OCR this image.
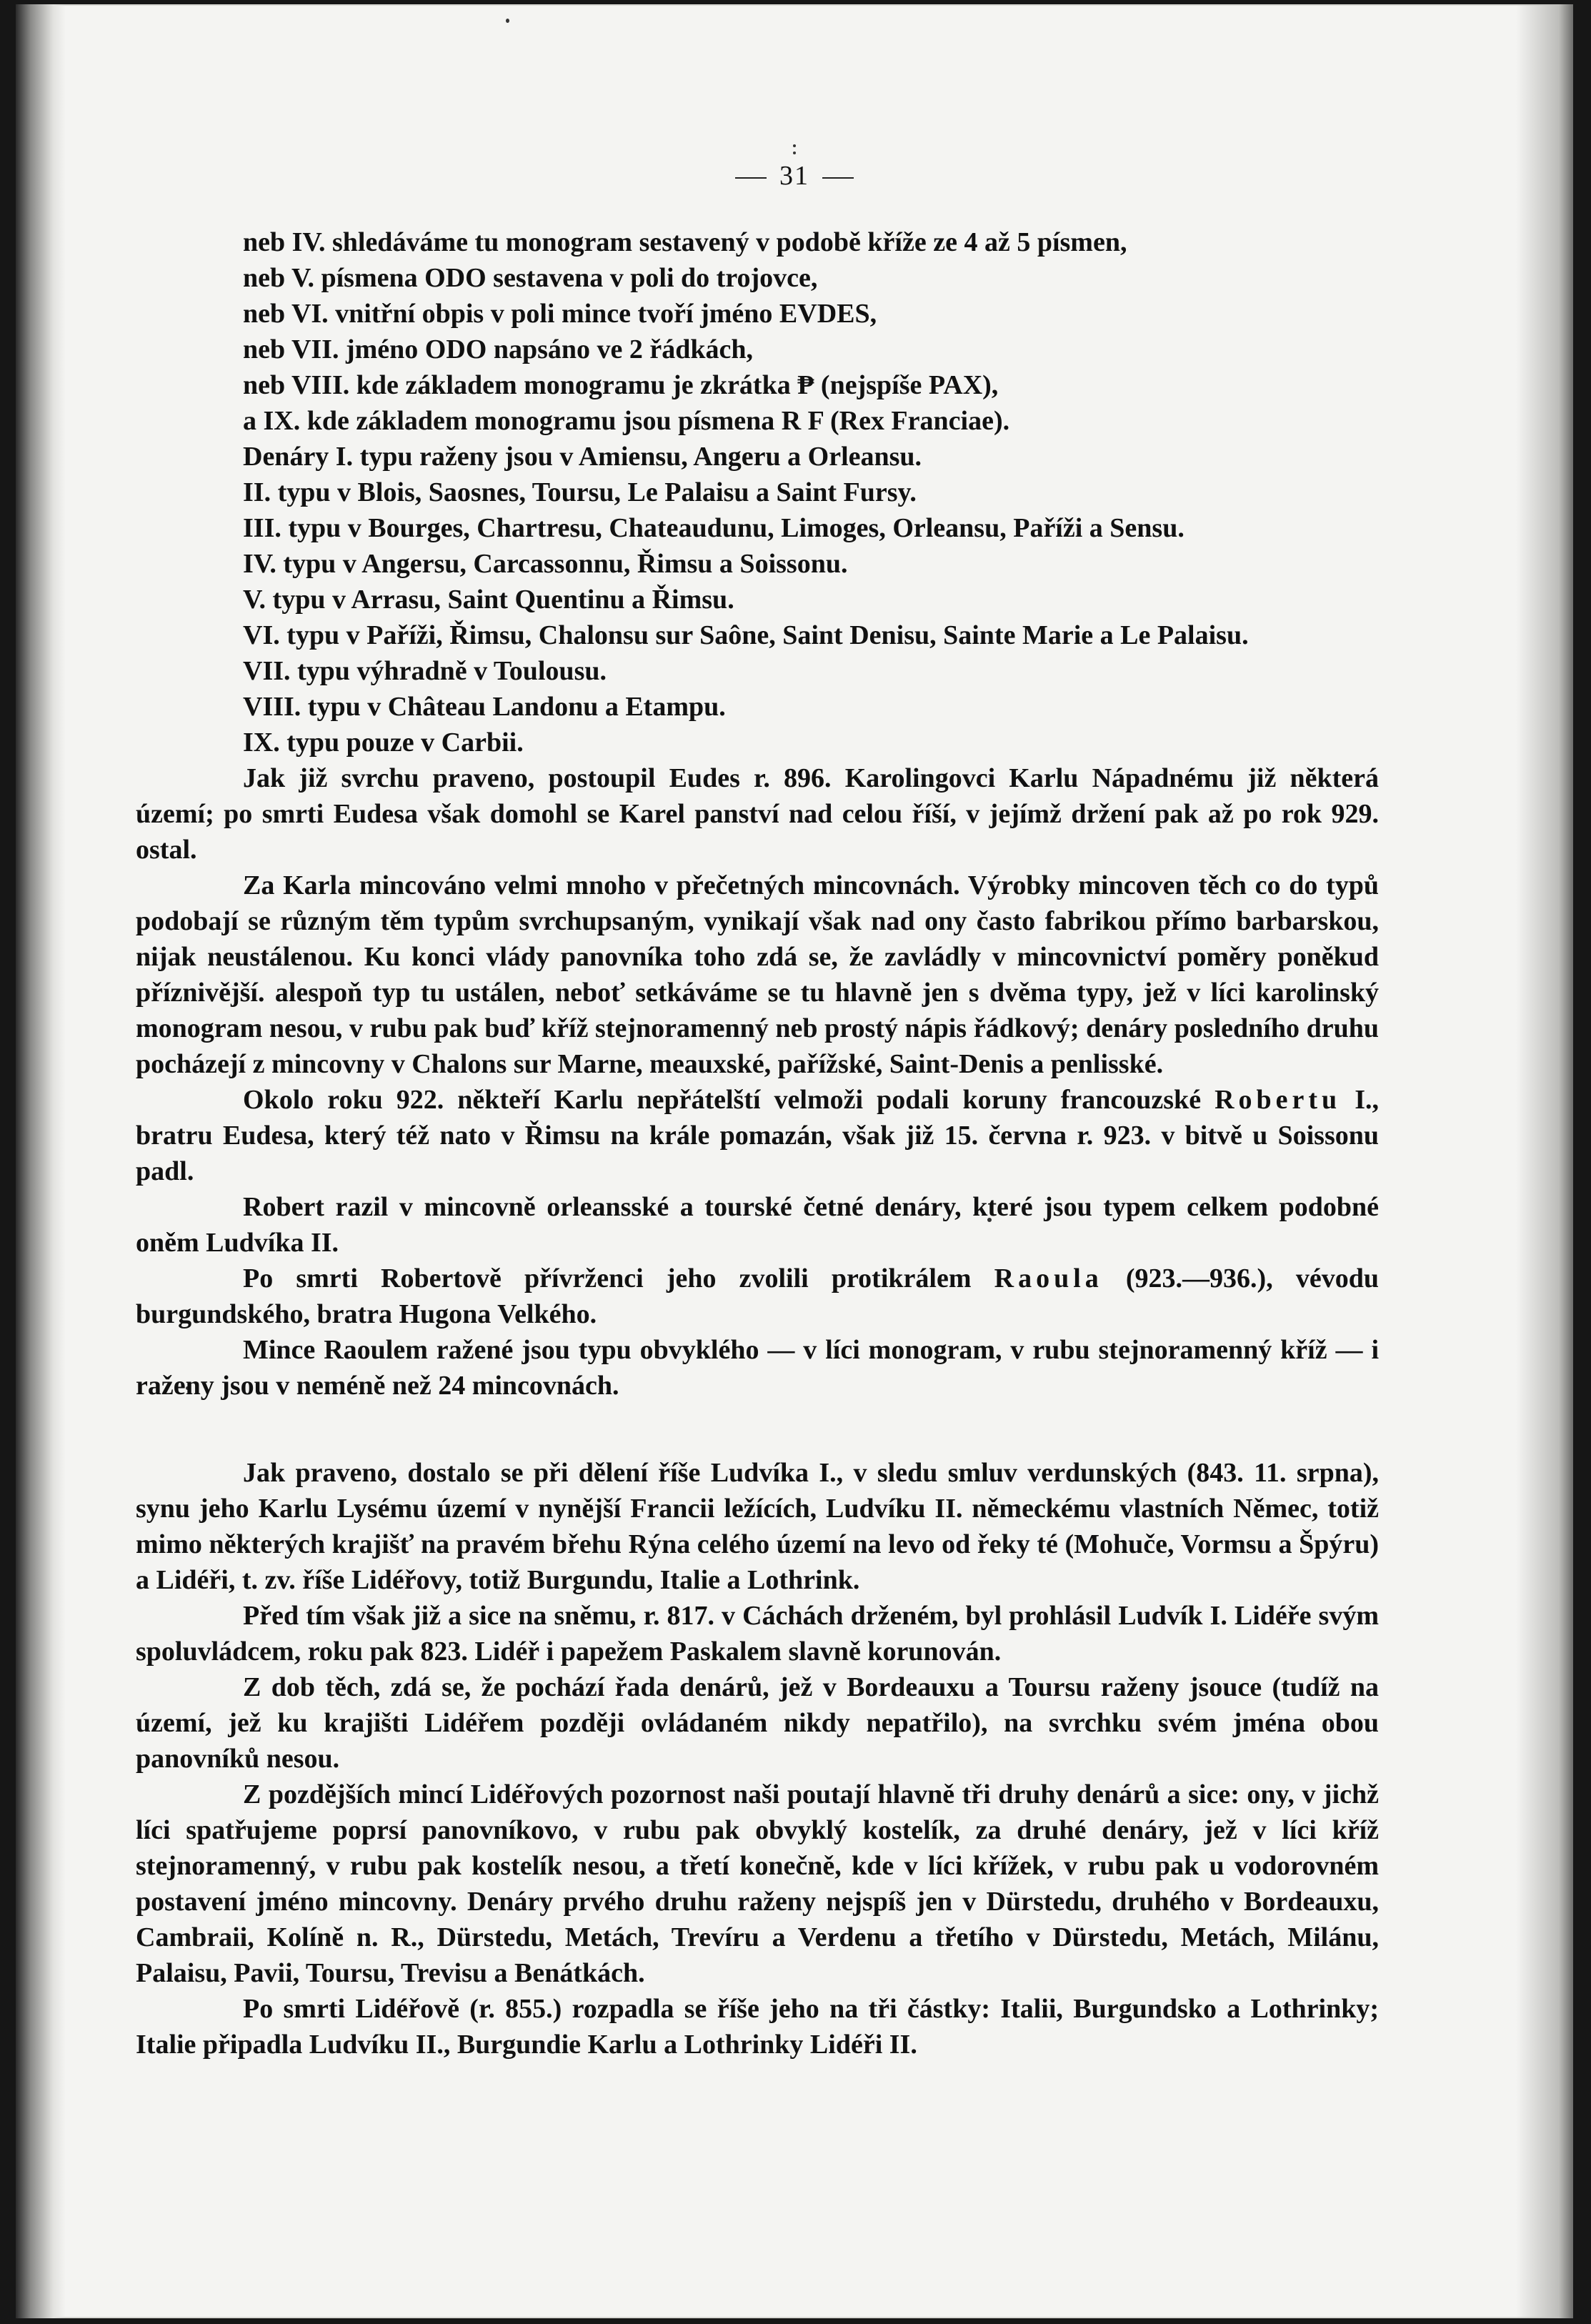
31

neb IV. shledáváme tu monogram sestavený v podobě kříže ze 4 až 5 písmen,

neb V. písmena ODO sestavena v poli do trojovce,

neb VI. vnitřní obpis v poli mince tvoří jméno EVDES,

neb VII. jméno ODO napsáno ve 2 řádkách,

neb VIII. kde základem monogramu je zkrátka ₱ (nejspíše PAX),

a IX. kde základem monogramu jsou písmena R F (Rex Franciae).

Denáry I. typu raženy jsou v Amiensu, Angeru a Orleansu.

II. typu v Blois, Saosnes, Toursu, Le Palaisu a Saint Fursy.

III. typu v Bourges, Chartresu, Chateaudunu, Limoges, Orleansu, Paříži a Sensu.

IV. typu v Angersu, Carcassonnu, Řimsu a Soissonu.

V. typu v Arrasu, Saint Quentinu a Řimsu.

VI. typu v Paříži, Řimsu, Chalonsu sur Saône, Saint Denisu, Sainte Marie a Le Palaisu.

VII. typu výhradně v Toulousu.

VIII. typu v Château Landonu a Etampu.

IX. typu pouze v Carbii.

Jak již svrchu praveno, postoupil Eudes r. 896. Karolingovci Karlu Nápadnému již některá území; po smrti Eudesa však domohl se Karel panství nad celou říší, v jejímž držení pak až po rok 929. ostal.

Za Karla mincováno velmi mnoho v přečetných mincovnách. Výrobky mincoven těch co do typů podobají se různým těm typům svrchupsaným, vynikají však nad ony často fabrikou přímo barbarskou, nijak neustálenou. Ku konci vlády panovníka toho zdá se, že zavládly v mincovnictví poměry poněkud příznivější. alespoň typ tu ustálen, neboť setkáváme se tu hlavně jen s dvěma typy, jež v líci karolinský monogram nesou, v rubu pak buď kříž stejnoramenný neb prostý nápis řádkový; denáry posledního druhu pocházejí z mincovny v Chalons sur Marne, meauxské, pařížské, Saint-Denis a penlisské.

Okolo roku 922. někteří Karlu nepřátelští velmoži podali koruny francouzské Robertu I., bratru Eudesa, který též nato v Řimsu na krále pomazán, však již 15. června r. 923. v bitvě u Soissonu padl.

Robert razil v mincovně orleansské a tourské četné denáry, které jsou typem celkem podobné oněm Ludvíka II.

Po smrti Robertově přívrženci jeho zvolili protikrálem Raoula (923.—936.), vévodu burgundského, bratra Hugona Velkého.

Mince Raoulem ražené jsou typu obvyklého — v líci monogram, v rubu stejnoramenný kříž — i raženy jsou v neméně než 24 mincovnách.

Jak praveno, dostalo se při dělení říše Ludvíka I., v sledu smluv verdunských (843. 11. srpna), synu jeho Karlu Lysému území v nynější Francii ležících, Ludvíku II. německému vlastních Němec, totiž mimo některých krajišť na pravém břehu Rýna celého území na levo od řeky té (Mohuče, Vormsu a Špýru) a Lidéři, t. zv. říše Lidéřovy, totiž Burgundu, Italie a Lothrink.

Před tím však již a sice na sněmu, r. 817. v Cáchách drženém, byl prohlásil Ludvík I. Lidéře svým spoluvládcem, roku pak 823. Lidéř i papežem Paskalem slavně korunován.

Z dob těch, zdá se, že pochází řada denárů, jež v Bordeauxu a Toursu raženy jsouce (tudíž na území, jež ku krajišti Lidéřem později ovládaném nikdy nepatřilo), na svrchku svém jména obou panovníků nesou.

Z pozdějších mincí Lidéřových pozornost naši poutají hlavně tři druhy denárů a sice: ony, v jichž líci spatřujeme poprsí panovníkovo, v rubu pak obvyklý kostelík, za druhé denáry, jež v líci kříž stejnoramenný, v rubu pak kostelík nesou, a třetí konečně, kde v líci křížek, v rubu pak u vodorovném postavení jméno mincovny. Denáry prvého druhu raženy nejspíš jen v Dürstedu, druhého v Bordeauxu, Cambraii, Kolíně n. R., Dürstedu, Metách, Trevíru a Verdenu a třetího v Dürstedu, Metách, Milánu, Palaisu, Pavii, Toursu, Trevisu a Benátkách.

Po smrti Lidéřově (r. 855.) rozpadla se říše jeho na tři částky: Italii, Burgundsko a Lothrinky; Italie připadla Ludvíku II., Burgundie Karlu a Lothrinky Lidéři II.
